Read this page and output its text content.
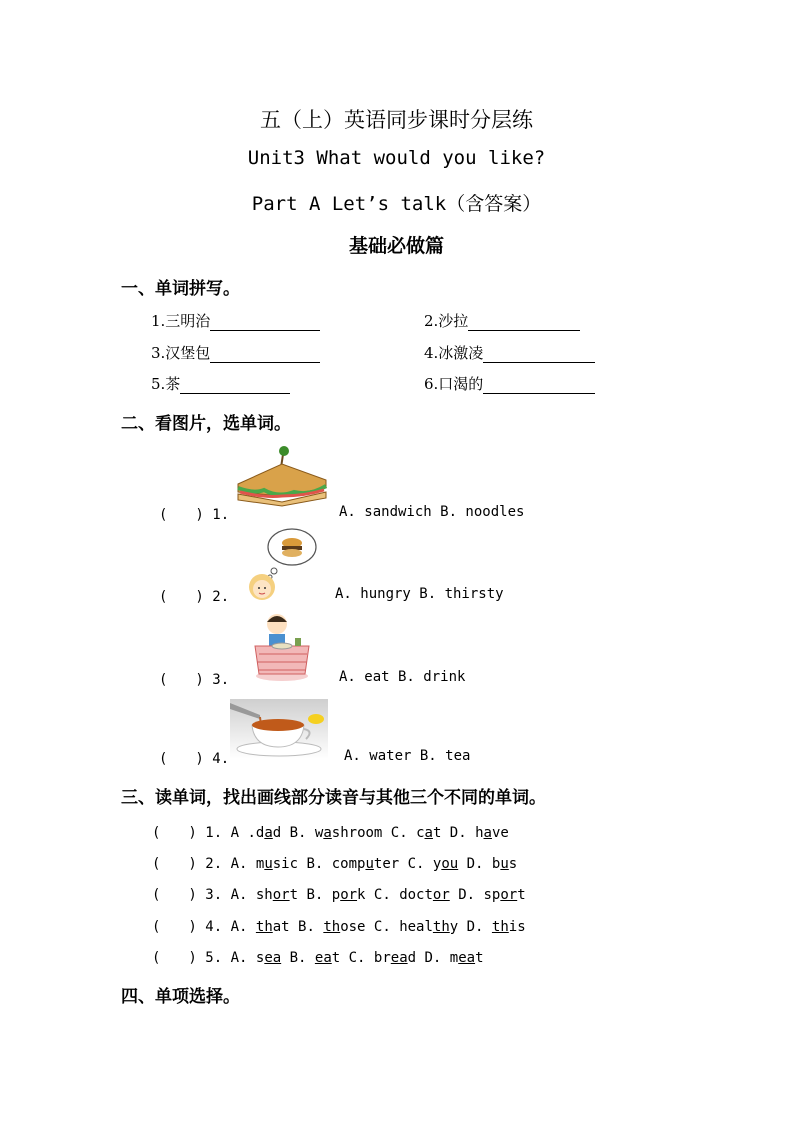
五（上）英语同步课时分层练
Unit3 What would you like?
Part A Let’s talk（含答案）
基础必做篇
一、单词拼写。
1.三明治	2.沙拉
3.汉堡包	4.冰激凌
5.茶	6.口渴的
二、看图片，选单词。
(　　) 1.	A. sandwich B. noodles
(　　) 2.	A. hungry B. thirsty
(　　) 3.	A. eat B. drink
(　　) 4.	A. water B. tea
三、读单词，找出画线部分读音与其他三个不同的单词。
(　　) 1. A .dad B. washroom C. cat D. have
(　　) 2. A. music B. computer C. you D. bus
(　　) 3. A. short B. pork C. doctor D. sport
(　　) 4. A. that B. those C. healthy D. this
(　　) 5. A. sea B. eat C. bread D. meat
四、单项选择。
